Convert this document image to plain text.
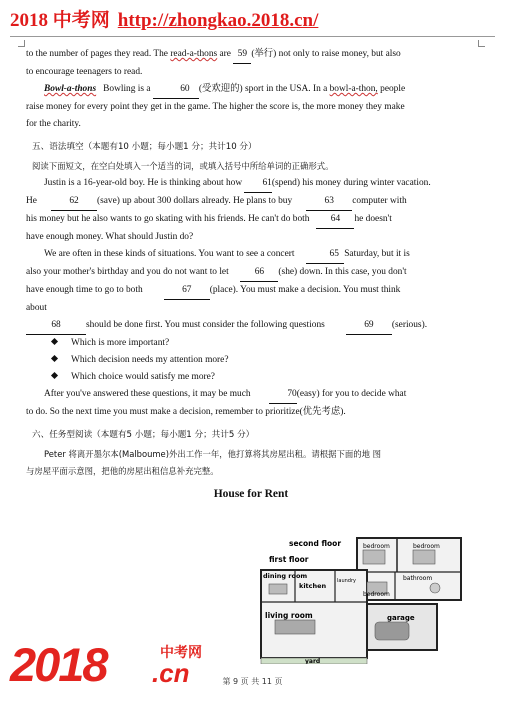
2018 中考网 http://zhongkao.2018.cn/

to the number of pages they read. The read-a-thons are 59 (举行) not only to raise money, but also

to encourage teenagers to read.

Bowl-a-thons Bowling is a	60 (受欢迎的) sport in the USA. In a bowl-a-thon, people

raise money for every point they get in the game. The higher the score is, the more money they make

for the charity.

五、语法填空（本题有10 小题；每小题1 分；共计10 分）

阅读下面短文，在空白处填入一个适当的词，或填入括号中所给单词的正确形式。

Justin is a 16-year-old boy. He is thinking about how 61(spend) his money during winter vacation.

He	62 (save) up about 300 dollars already. He plans to buy	63 computer with

his money but he also wants to go skating with his friends. He can't do both 64 he doesn't

have enough money. What should Justin do?

We are often in these kinds of situations. You want to see a concert	65 Saturday, but it is

also your mother's birthday and you do not want to let	66 (she) down. In this case, you don't

have enough time to go to both	67 (place). You must make a decision. You must think

about

68	should be done first. You must consider the following questions	69 (serious).

Which is more important?

Which decision needs my attention more?

Which choice would satisfy me more?

After you've answered these questions, it may be much	70(easy) for you to decide what

to do. So the next time you must make a decision, remember to prioritize(优先考虑).

六、任务型阅读（本题有5 小题；每小题1 分；共计5 分）

Peter 将离开墨尔本(Malboume)外出工作一年，他打算将其房屋出租。请根据下面的地 图

与房屋平面示意图，把他的房屋出租信息补充完整。

House for Rent
second floor
first floor
bedroom	bedroom
bathroom
bedroom
dining room
kitchen
laundry
living room	garage
yard
2018	中考网
.cn	第 9 页 共 11 页
